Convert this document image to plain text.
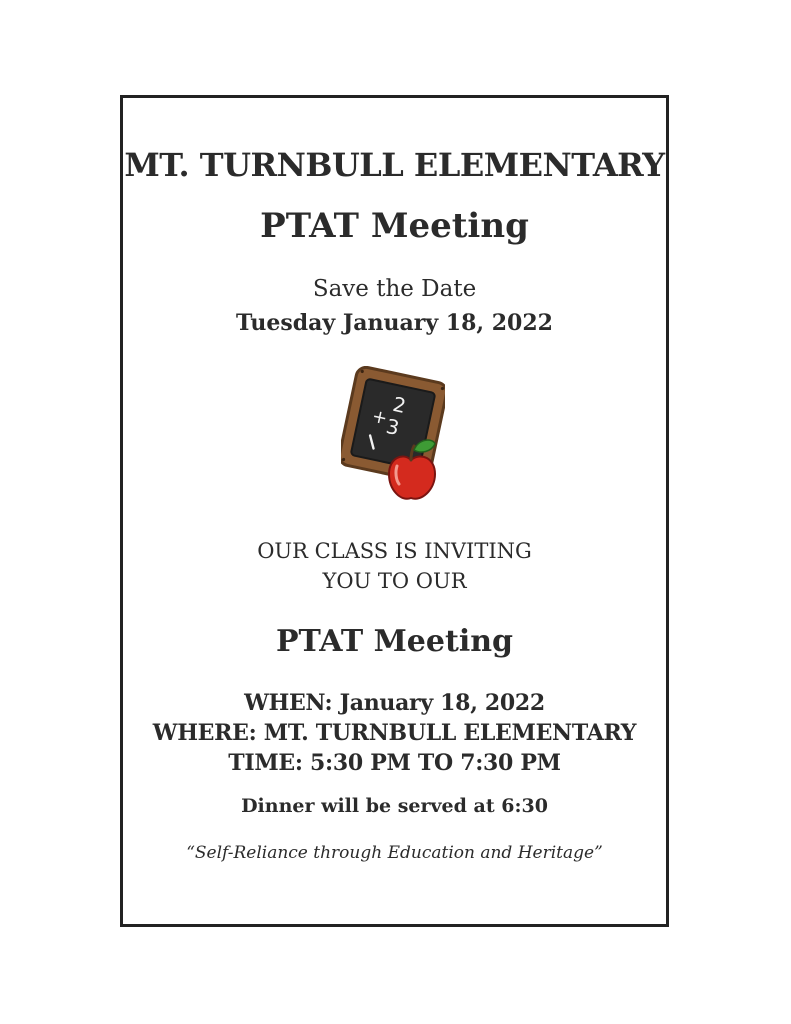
MT. TURNBULL ELEMENTARY
PTAT Meeting

Save the Date

Tuesday January 18, 2022

2
+
3

OUR CLASS IS INVITING

YOU TO OUR

PTAT Meeting

WHEN: January 18, 2022

WHERE: MT. TURNBULL ELEMENTARY

TIME: 5:30 PM TO 7:30 PM

Dinner will be served at 6:30

“Self-Reliance through Education and Heritage”
